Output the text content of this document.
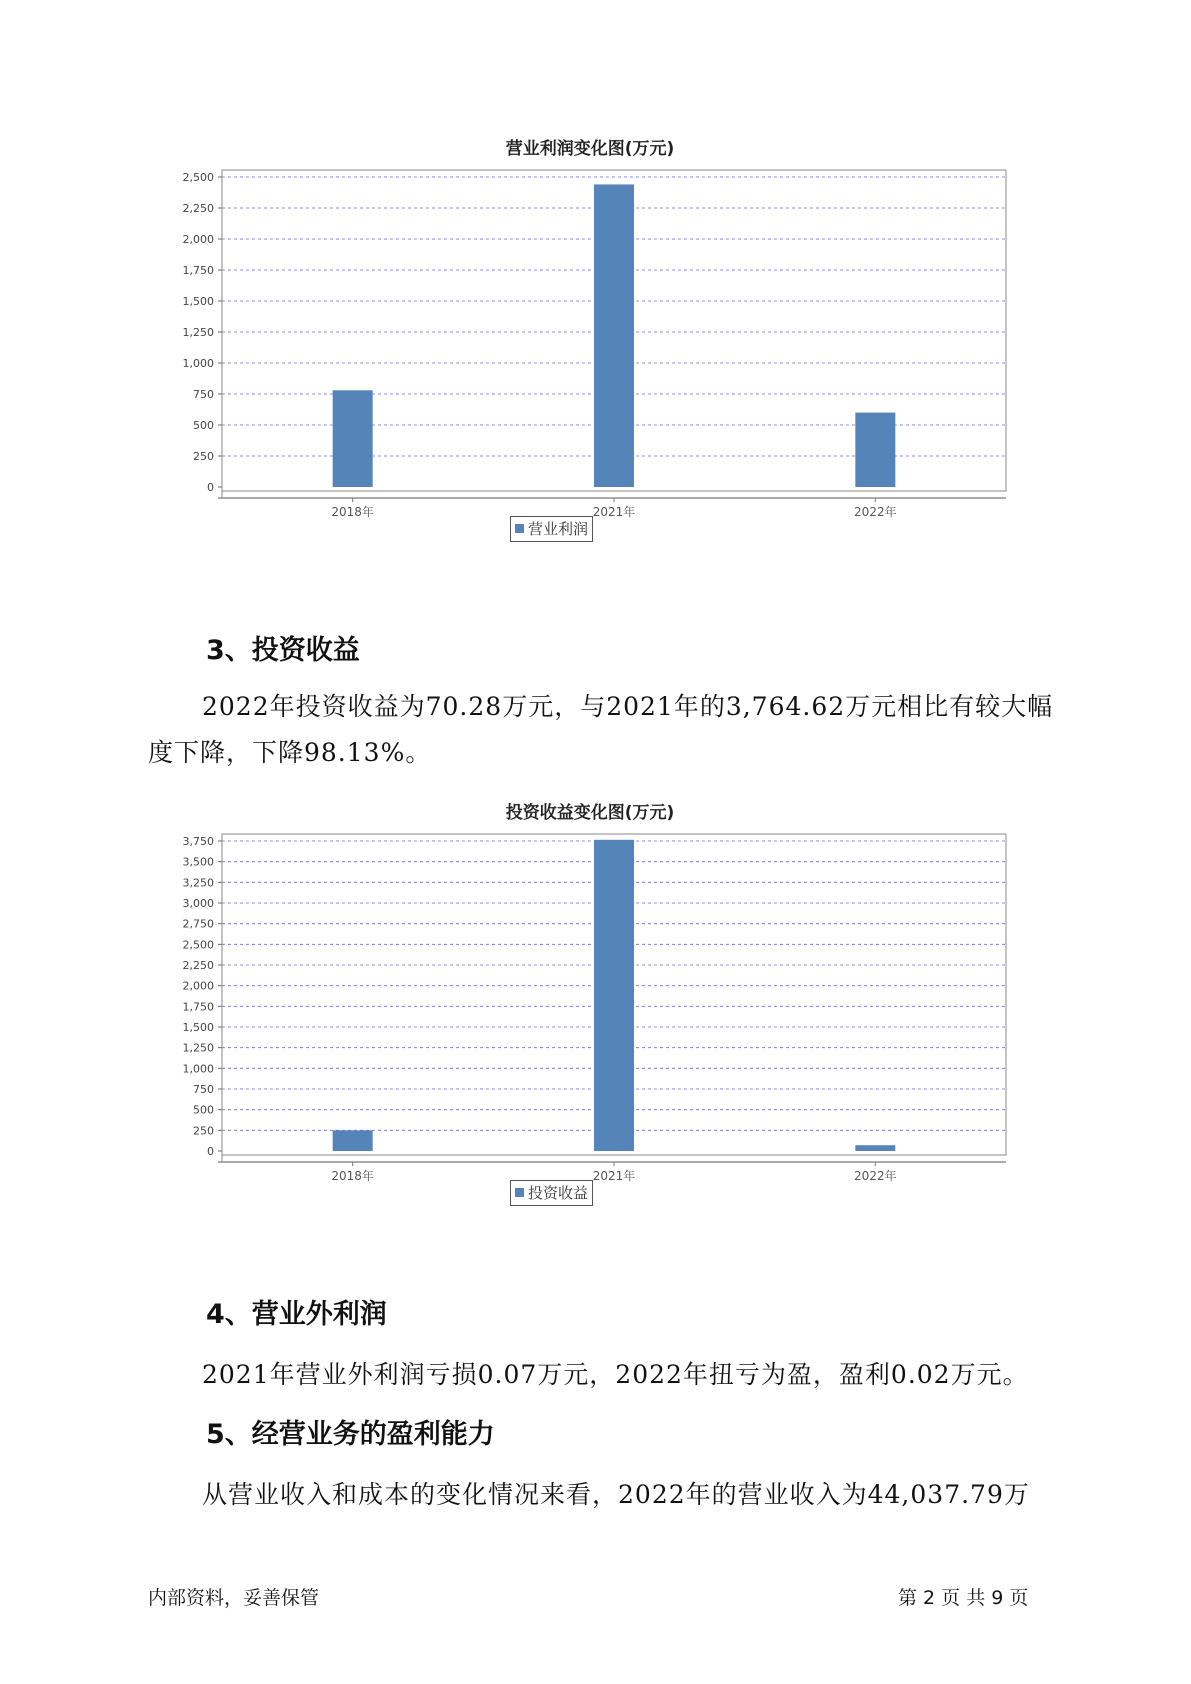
营业利润变化图(万元)
0
250
500
750
1,000
1,250
1,500
1,750
2,000
2,250
2,500
2018年	2021年	2022年
营业利润
3、投资收益

2022年投资收益为70.28万元，与2021年的3,764.62万元相比有较大幅

度下降，下降98.13%。

投资收益变化图(万元)
0
250
500
750
1,000
1,250
1,500
1,750
2,000
2,250
2,500
2,750
3,000
3,250
3,500
3,750
2018年	2021年	2022年
投资收益
4、营业外利润

2021年营业外利润亏损0.07万元，2022年扭亏为盈，盈利0.02万元。

5、经营业务的盈利能力

从营业收入和成本的变化情况来看，2022年的营业收入为44,037.79万

内部资料，妥善保管	第 2 页 共 9 页
